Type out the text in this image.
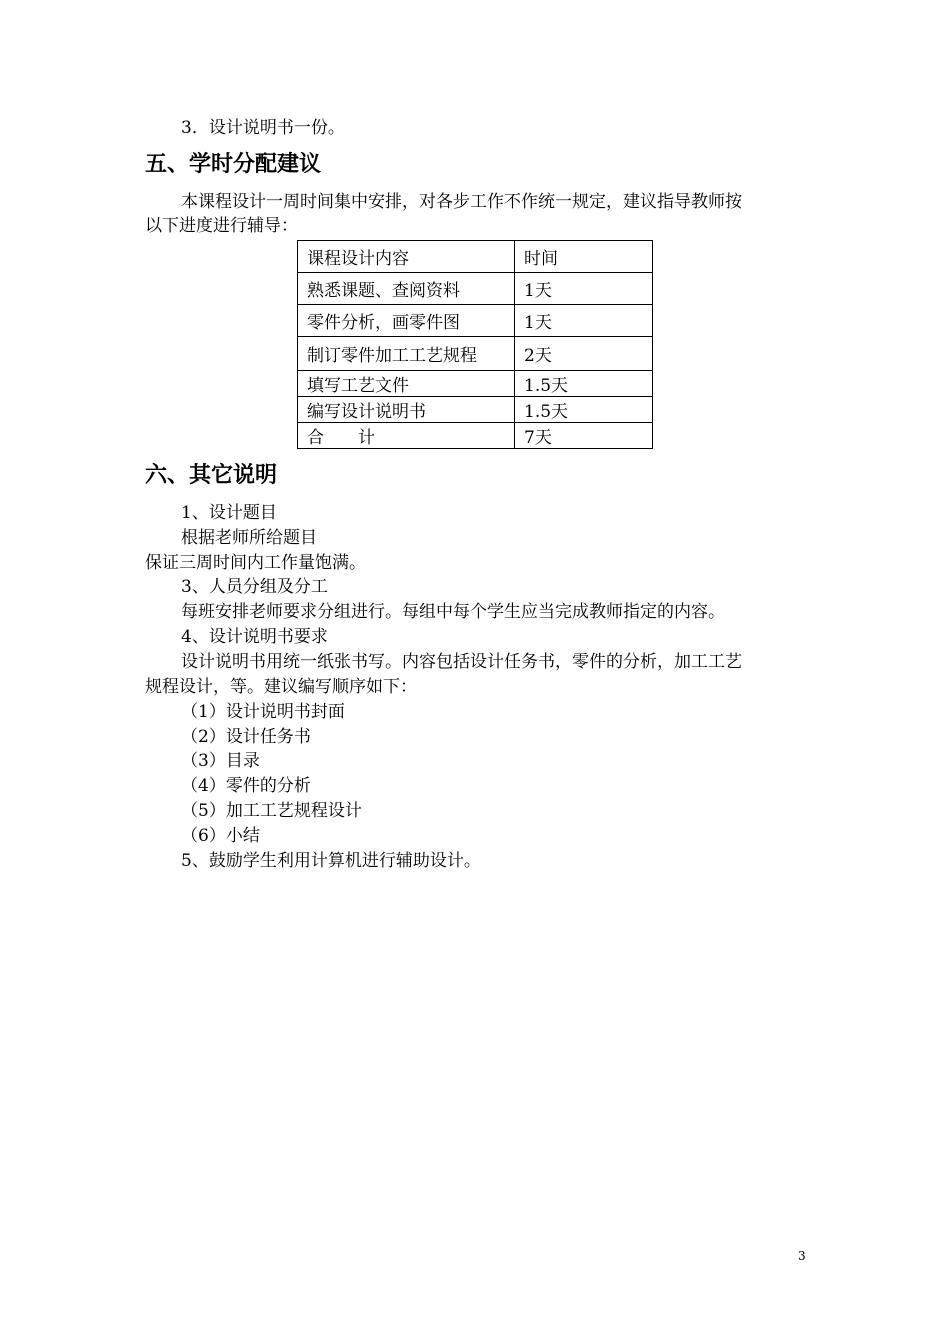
3．设计说明书一份。
五、学时分配建议
本课程设计一周时间集中安排，对各步工作不作统一规定，建议指导教师按
以下进度进行辅导：
课程设计内容	时间
熟悉课题、查阅资料	1天
零件分析，画零件图	1天
制订零件加工工艺规程	2天
填写工艺文件	1.5天
编写设计说明书	1.5天
合　　计	7天
六、其它说明
1、设计题目
根据老师所给题目
保证三周时间内工作量饱满。
3、人员分组及分工
每班安排老师要求分组进行。每组中每个学生应当完成教师指定的内容。
4、设计说明书要求
设计说明书用统一纸张书写。内容包括设计任务书，零件的分析，加工工艺
规程设计，等。建议编写顺序如下：
（1）设计说明书封面
（2）设计任务书
（3）目录
（4）零件的分析
（5）加工工艺规程设计
（6）小结
5、鼓励学生利用计算机进行辅助设计。
3
